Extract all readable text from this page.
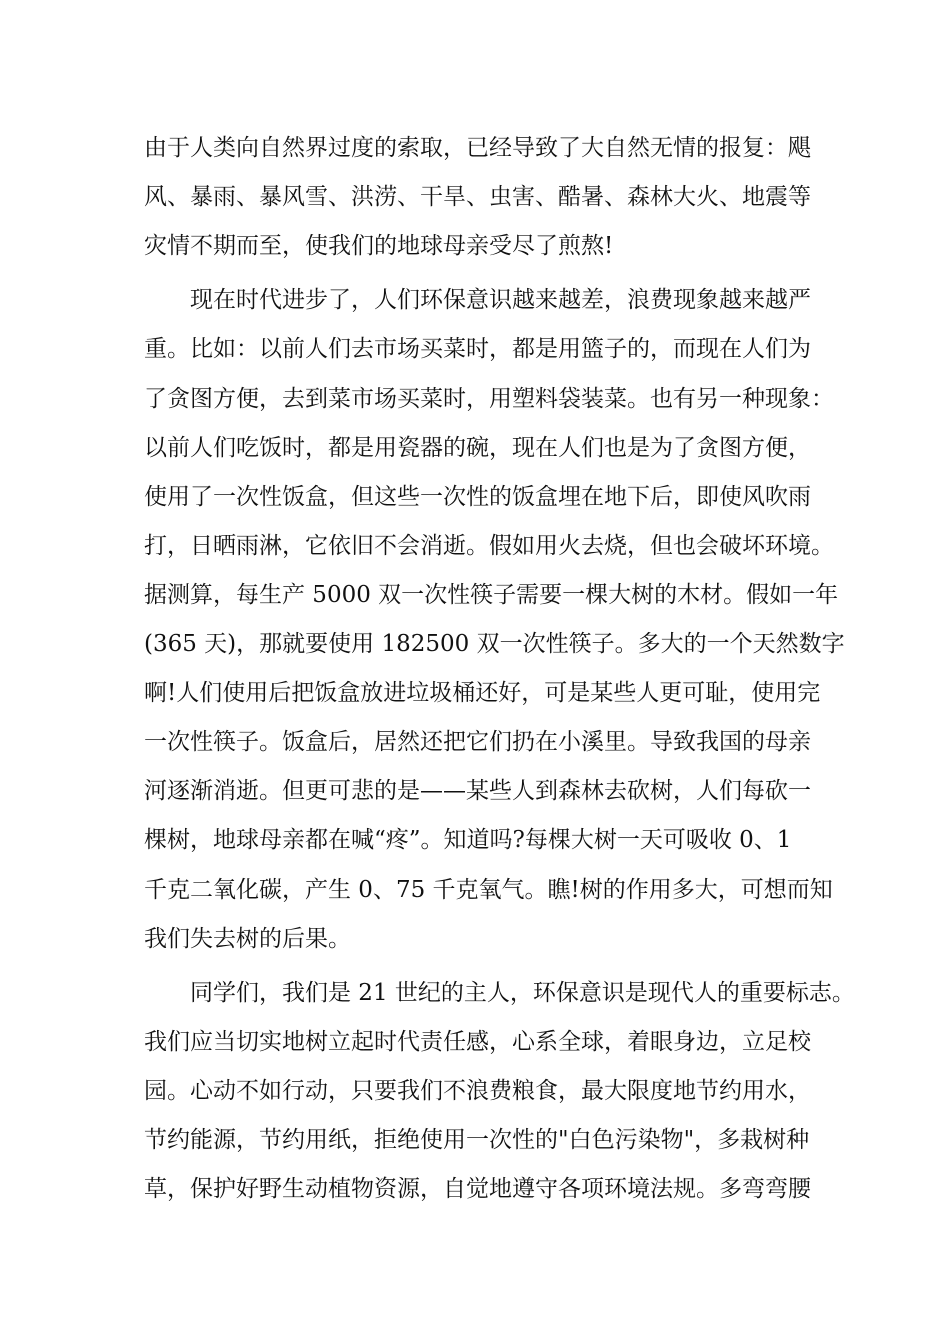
由于人类向自然界过度的索取，已经导致了大自然无情的报复：飓
风、暴雨、暴风雪、洪涝、干旱、虫害、酷暑、森林大火、地震等
灾情不期而至，使我们的地球母亲受尽了煎熬!
现在时代进步了，人们环保意识越来越差，浪费现象越来越严
重。比如：以前人们去市场买菜时，都是用篮子的，而现在人们为
了贪图方便，去到菜市场买菜时，用塑料袋装菜。也有另一种现象：
以前人们吃饭时，都是用瓷器的碗，现在人们也是为了贪图方便，
使用了一次性饭盒，但这些一次性的饭盒埋在地下后，即使风吹雨
打，日晒雨淋，它依旧不会消逝。假如用火去烧，但也会破坏环境。
据测算，每生产 5000 双一次性筷子需要一棵大树的木材。假如一年
(365 天)，那就要使用 182500 双一次性筷子。多大的一个天然数字
啊!人们使用后把饭盒放进垃圾桶还好，可是某些人更可耻，使用完
一次性筷子。饭盒后，居然还把它们扔在小溪里。导致我国的母亲
河逐渐消逝。但更可悲的是——某些人到森林去砍树，人们每砍一
棵树，地球母亲都在喊“疼”。知道吗?每棵大树一天可吸收 0、1
千克二氧化碳，产生 0、75 千克氧气。瞧!树的作用多大，可想而知
我们失去树的后果。
同学们，我们是 21 世纪的主人，环保意识是现代人的重要标志。
我们应当切实地树立起时代责任感，心系全球，着眼身边，立足校
园。心动不如行动，只要我们不浪费粮食，最大限度地节约用水，
节约能源，节约用纸，拒绝使用一次性的"白色污染物"，多栽树种
草，保护好野生动植物资源，自觉地遵守各项环境法规。多弯弯腰
